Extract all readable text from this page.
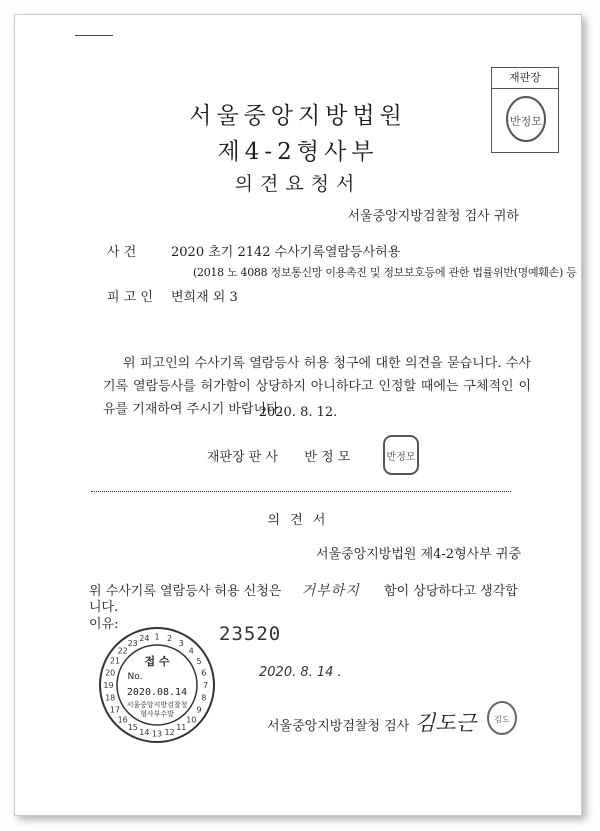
서울중앙지방법원
제4-2형사부
의견요청서
재판장
반정모
서울중앙지방검찰청 검사 귀하
사 건	2020 초기 2142 수사기록열람등사허용
(2018 노 4088 정보통신망 이용촉진 및 정보보호등에 관한 법률위반(명예훼손) 등
피 고 인 변희재 외 3

위 피고인의 수사기록 열람등사 허용 청구에 대한 의견을 묻습니다. 수사기록 열람등사를 허가함이 상당하지 아니하다고 인정할 때에는 구체적인 이유를 기재하여 주시기 바랍니다.

2020. 8. 12.
재판장 판 사 반 정 모	반정모
의 견 서
서울중앙지방법원 제4-2형사부 귀중
위 수사기록 열람등사 허용 신청은 거부하지 함이 상당하다고 생각합
니다.
이유:	23520
2020. 8. 14 .
1 2
3
4
5
6
7
8
9
10
11
12
13
14
15
16
17
18
19
20
21
22
23
24
접 수
No.
2020.08.14
서울중앙지방검찰청
형사부수발
서울중앙지방검찰청 검사 김도근 김도
